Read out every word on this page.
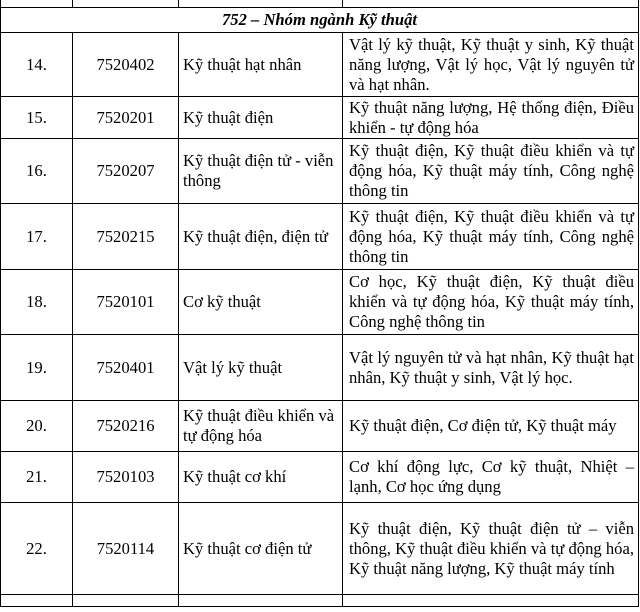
752 – Nhóm ngành Kỹ thuật			
14.	7520402	Kỹ thuật hạt nhân	Vật lý kỹ thuật, Kỹ thuật y sinh, Kỹ thuật năng lượng, Vật lý học, Vật lý nguyên tử và hạt nhân.
15.	7520201	Kỹ thuật điện	Kỹ thuật năng lượng, Hệ thống điện, Điều khiển - tự động hóa
16.	7520207	Kỹ thuật điện tử - viễn thông	Kỹ thuật điện, Kỹ thuật điều khiển và tự động hóa, Kỹ thuật máy tính, Công nghệ thông tin
17.	7520215	Kỹ thuật điện, điện tử	Kỹ thuật điện, Kỹ thuật điều khiển và tự động hóa, Kỹ thuật máy tính, Công nghệ thông tin
18.	7520101	Cơ kỹ thuật	Cơ học, Kỹ thuật điện, Kỹ thuật điều khiển và tự động hóa, Kỹ thuật máy tính, Công nghệ thông tin
19.	7520401	Vật lý kỹ thuật	Vật lý nguyên tử và hạt nhân, Kỹ thuật hạt nhân, Kỹ thuật y sinh, Vật lý học.
20.	7520216	Kỹ thuật điều khiển và tự động hóa	Kỹ thuật điện, Cơ điện tử, Kỹ thuật máy
21.	7520103	Kỹ thuật cơ khí	Cơ khí động lực, Cơ kỹ thuật, Nhiệt – lạnh, Cơ học ứng dụng
22.	7520114	Kỹ thuật cơ điện tử	Kỹ thuật điện, Kỹ thuật điện tử – viễn thông, Kỹ thuật điều khiển và tự động hóa, Kỹ thuật năng lượng, Kỹ thuật máy tính
